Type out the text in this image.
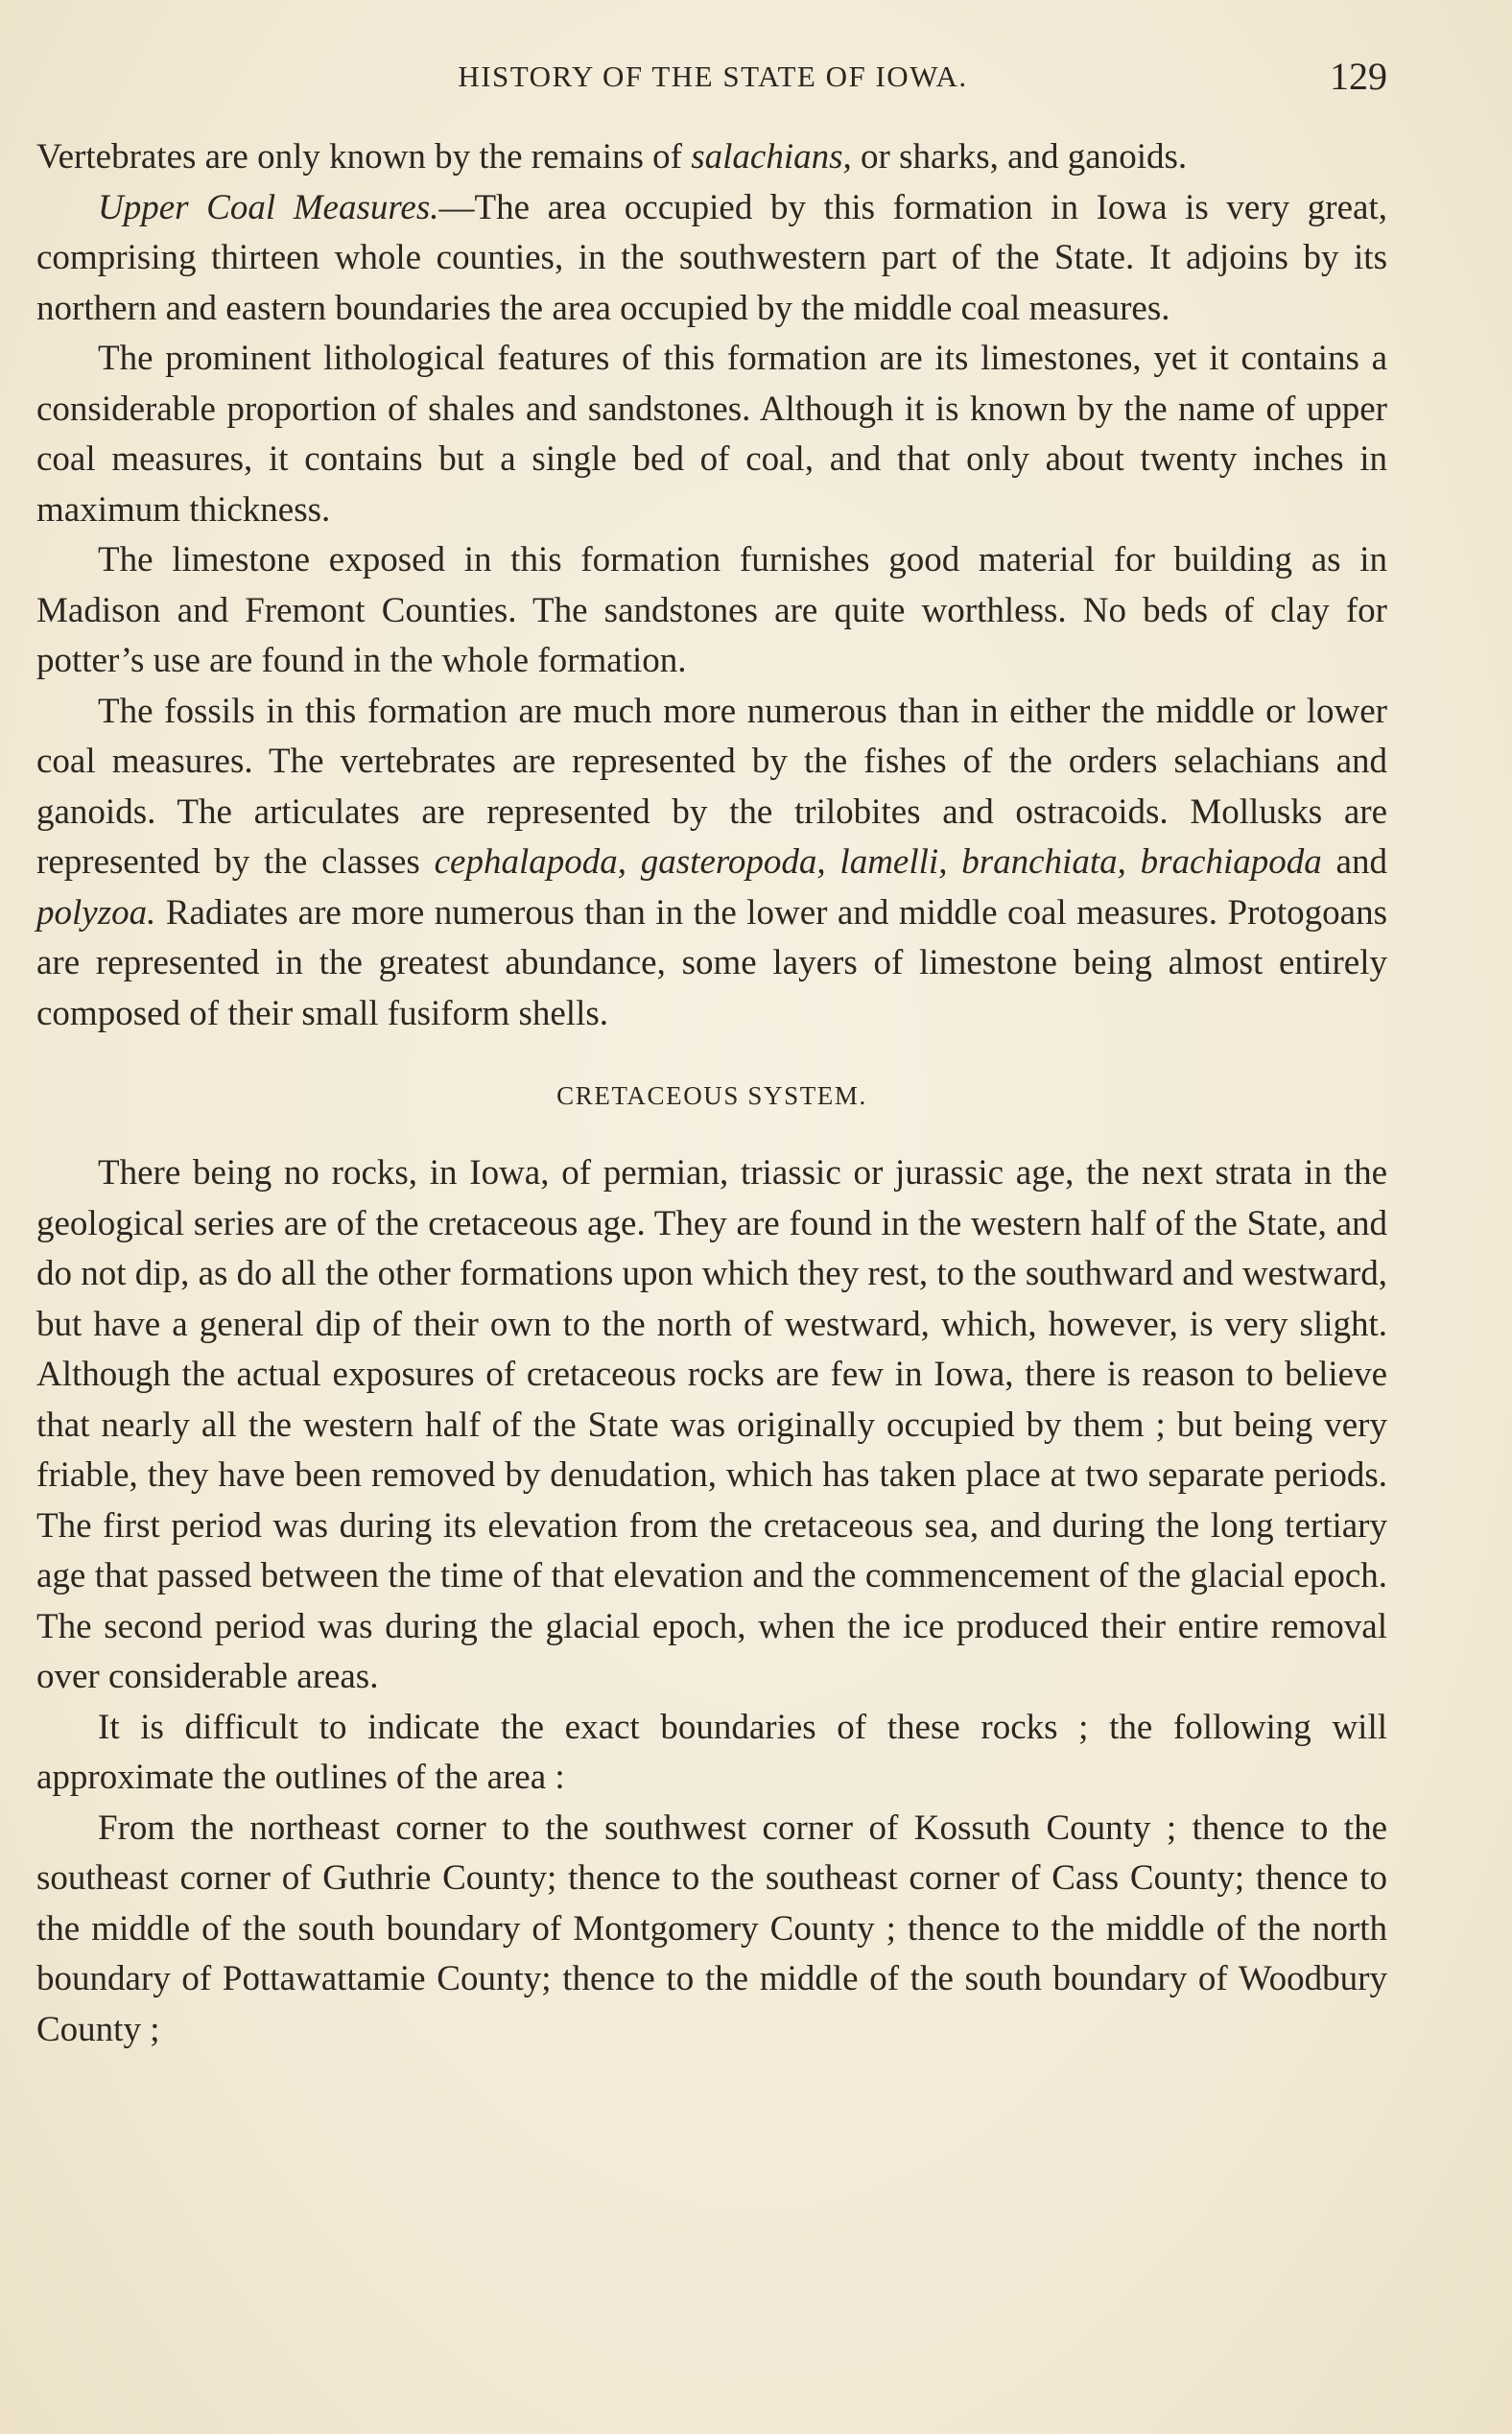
HISTORY OF THE STATE OF IOWA.	129

Vertebrates are only known by the remains of salachians, or sharks, and ganoids.

Upper Coal Measures.—The area occupied by this formation in Iowa is very great, comprising thirteen whole counties, in the southwestern part of the State. It adjoins by its northern and eastern boundaries the area occupied by the middle coal measures.

The prominent lithological features of this formation are its limestones, yet it contains a considerable proportion of shales and sandstones. Although it is known by the name of upper coal measures, it contains but a single bed of coal, and that only about twenty inches in maximum thickness.

The limestone exposed in this formation furnishes good material for building as in Madison and Fremont Counties. The sandstones are quite worthless. No beds of clay for potter’s use are found in the whole formation.

The fossils in this formation are much more numerous than in either the middle or lower coal measures. The vertebrates are represented by the fishes of the orders selachians and ganoids. The articulates are represented by the trilobites and ostracoids. Mollusks are represented by the classes cephalapoda, gasteropoda, lamelli, branchiata, brachiapoda and polyzoa. Radiates are more numerous than in the lower and middle coal measures. Protogoans are represented in the greatest abundance, some layers of limestone being almost entirely composed of their small fusiform shells.

CRETACEOUS SYSTEM.

There being no rocks, in Iowa, of permian, triassic or jurassic age, the next strata in the geological series are of the cretaceous age. They are found in the western half of the State, and do not dip, as do all the other formations upon which they rest, to the southward and westward, but have a general dip of their own to the north of westward, which, however, is very slight. Although the actual exposures of cretaceous rocks are few in Iowa, there is reason to believe that nearly all the western half of the State was originally occupied by them ; but being very friable, they have been removed by denudation, which has taken place at two separate periods. The first period was during its elevation from the cretaceous sea, and during the long tertiary age that passed between the time of that elevation and the commencement of the glacial epoch. The second period was during the glacial epoch, when the ice produced their entire removal over considerable areas.

It is difficult to indicate the exact boundaries of these rocks ; the following will approximate the outlines of the area :

From the northeast corner to the southwest corner of Kossuth County ; thence to the southeast corner of Guthrie County; thence to the southeast corner of Cass County; thence to the middle of the south boundary of Montgomery County ; thence to the middle of the north boundary of Pottawattamie County; thence to the middle of the south boundary of Woodbury County ;
